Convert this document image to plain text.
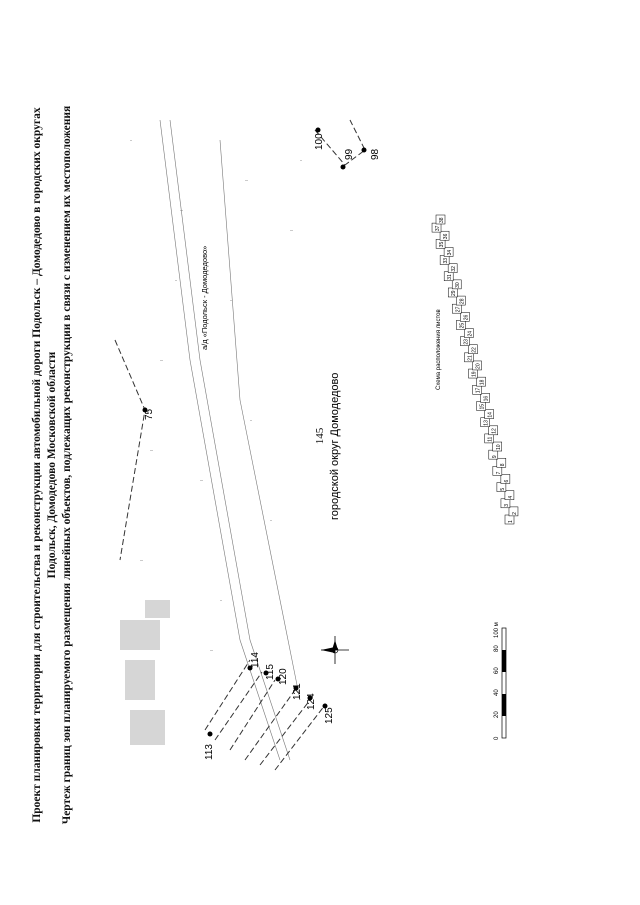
145
Проект планировки территории для строительства и реконструкции автомобильной дороги Подольск – Домодедово в городских округах Подольск, Домодедово Московской области Чертеж границ зон планируемого размещения линейных объектов, подлежащих реконструкции в связи с изменением их местоположения	75
98
99
100
113
114
115 120
121
124
125
а/д «Подольск - Домодедово»
городской округ Домодедово
0
20
40
60
80
100 м
Схема расположения листов
1
2
3
4
5
6
7
8
9
10
11
12
13
14
15
16
17
18
19
20
21
22
23
24
25
26
27
28
29
30
31
32
33
34
35
36
37
38
